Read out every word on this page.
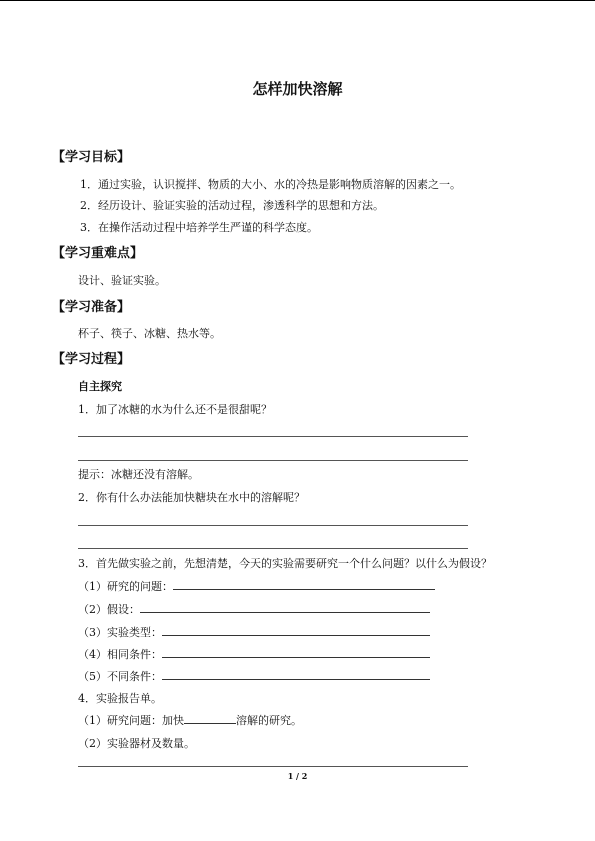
怎样加快溶解
【学习目标】
1．通过实验，认识搅拌、物质的大小、水的冷热是影响物质溶解的因素之一。
2．经历设计、验证实验的活动过程，渗透科学的思想和方法。
3．在操作活动过程中培养学生严谨的科学态度。
【学习重难点】
设计、验证实验。
【学习准备】
杯子、筷子、冰糖、热水等。
【学习过程】
自主探究
1．加了冰糖的水为什么还不是很甜呢？
提示：冰糖还没有溶解。
2．你有什么办法能加快糖块在水中的溶解呢？
3．首先做实验之前，先想清楚，今天的实验需要研究一个什么问题？以什么为假设？
（1）研究的问题：
（2）假设：
（3）实验类型：
（4）相同条件：
（5）不同条件：
4．实验报告单。
（1）研究问题：加快	溶解的研究。
（2）实验器材及数量。
1 / 2
